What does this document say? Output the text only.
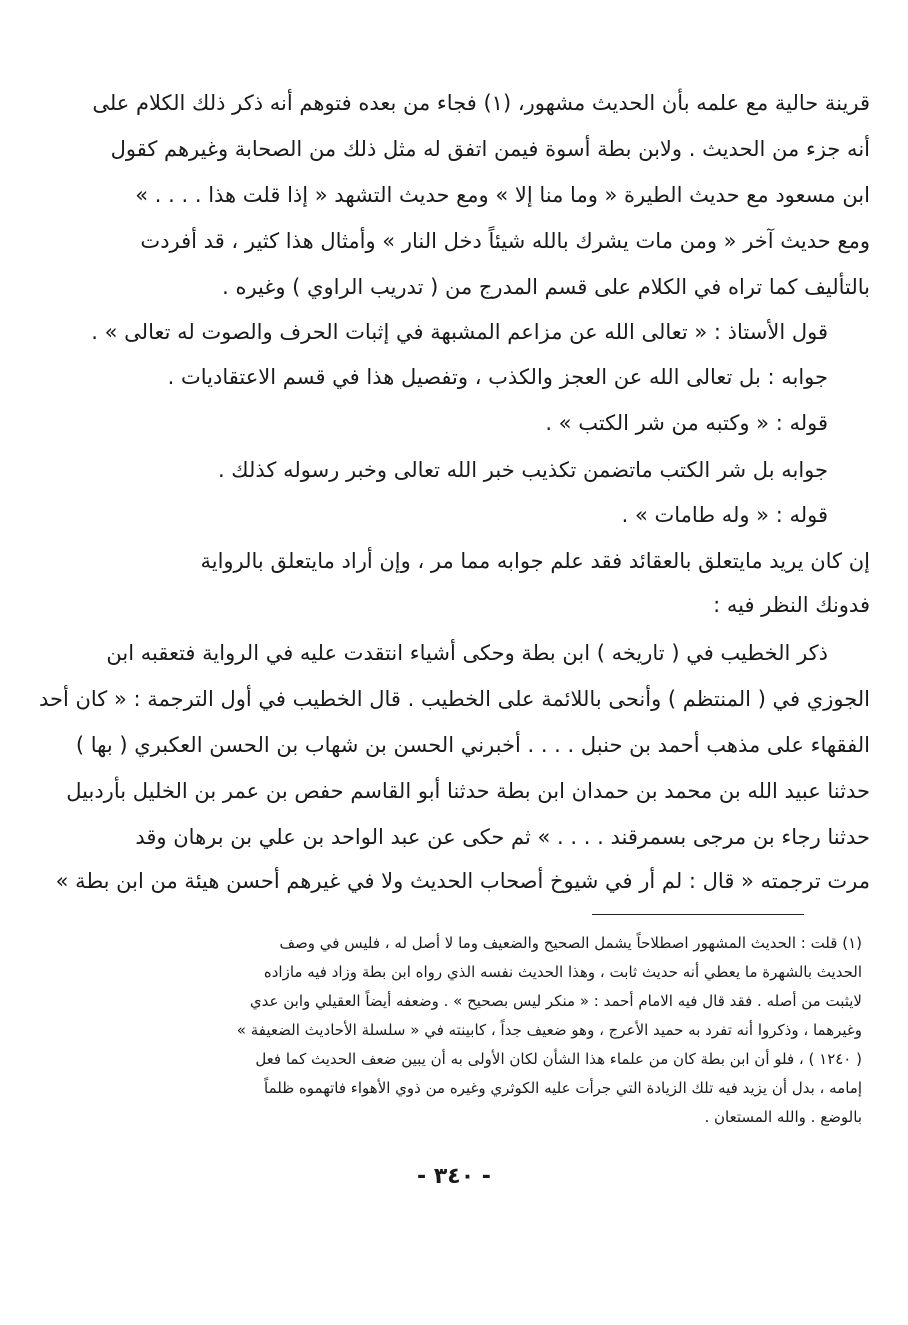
قرينة حالية مع علمه بأن الحديث مشهور، (١) فجاء من بعده فتوهم أنه ذكر ذلك الكلام على
أنه جزء من الحديث . ولابن بطة أسوة فيمن اتفق له مثل ذلك من الصحابة وغيرهم كقول
ابن مسعود مع حديث الطيرة « وما منا إلا » ومع حديث التشهد « إذا قلت هذا . . . . »
ومع حديث آخر « ومن مات يشرك بالله شيئاً دخل النار » وأمثال هذا كثير ، قد أفردت
بالتأليف كما تراه في الكلام على قسم المدرج من ( تدريب الراوي ) وغيره .
قول الأستاذ : « تعالى الله عن مزاعم المشبهة في إثبات الحرف والصوت له تعالى » .
جوابه : بل تعالى الله عن العجز والكذب ، وتفصيل هذا في قسم الاعتقاديات .
قوله : « وكتبه من شر الكتب » .
جوابه بل شر الكتب ماتضمن تكذيب خبر الله تعالى وخبر رسوله كذلك .
قوله : « وله طامات » .
إن كان يريد مايتعلق بالعقائد فقد علم جوابه مما مر ، وإن أراد مايتعلق بالرواية
فدونك النظر فيه :
ذكر الخطيب في ( تاريخه ) ابن بطة وحكى أشياء انتقدت عليه في الرواية فتعقبه ابن
الجوزي في ( المنتظم ) وأنحى باللائمة على الخطيب . قال الخطيب في أول الترجمة : « كان أحد
الفقهاء على مذهب أحمد بن حنبل . . . . أخبرني الحسن بن شهاب بن الحسن العكبري ( بها )
حدثنا عبيد الله بن محمد بن حمدان ابن بطة حدثنا أبو القاسم حفص بن عمر بن الخليل بأردبيل
حدثنا رجاء بن مرجى بسمرقند . . . . » ثم حكى عن عبد الواحد بن علي بن برهان وقد
مرت ترجمته « قال : لم أر في شيوخ أصحاب الحديث ولا في غيرهم أحسن هيئة من ابن بطة »
(١) قلت : الحديث المشهور اصطلاحاً يشمل الصحيح والضعيف وما لا أصل له ، فليس في وصف
الحديث بالشهرة ما يعطي أنه حديث ثابت ، وهذا الحديث نفسه الذي رواه ابن بطة وزاد فيه مازاده
لايثبت من أصله . فقد قال فيه الامام أحمد : « منكر ليس بصحيح » . وضعفه أيضاً العقيلي وابن عدي
وغيرهما ، وذكروا أنه تفرد به حميد الأعرج ، وهو ضعيف جداً ، كابينته في « سلسلة الأحاديث الضعيفة »
( ١٢٤٠ ) ، فلو أن ابن بطة كان من علماء هذا الشأن لكان الأولى به أن يبين ضعف الحديث كما فعل
إمامه ، بدل أن يزيد فيه تلك الزيادة التي جرأت عليه الكوثري وغيره من ذوي الأهواء فاتهموه ظلماً
بالوضع . والله المستعان .
- ٣٤٠ -
